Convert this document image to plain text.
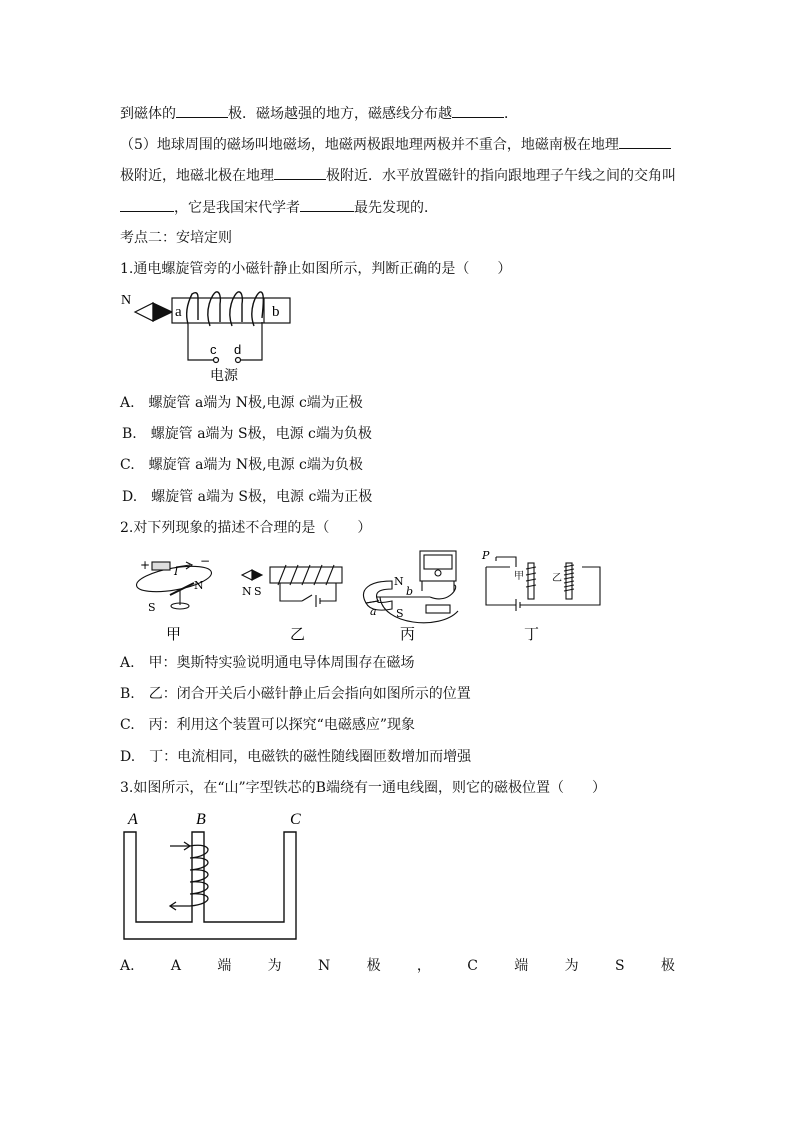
到磁体的	极．磁场越强的地方，磁感线分布越	．
（5）地球周围的磁场叫地磁场，地磁两极跟地理两极并不重合，地磁南极在地理
极附近，地磁北极在地理	极附近．水平放置磁针的指向跟地理子午线之间的交角叫
，它是我国宋代学者	最先发现的．
考点二：安培定则
1.通电螺旋管旁的小磁针静止如图所示，判断正确的是（　　）
N
a	b
c d
电源
A.　螺旋管 a端为 N极,电源 c端为正极
B.　螺旋管 a端为 S极，电源 c端为负极
C.　螺旋管 a端为 N极,电源 c端为负极
D.　螺旋管 a端为 S极，电源 c端为正极
2.对下列现象的描述不合理的是（　　）
+	−
I
N
S
甲
N S
乙
N
S
a
b
丙
P
甲	乙
丁
A.　甲：奥斯特实验说明通电导体周围存在磁场
B.　乙：闭合开关后小磁针静止后会指向如图所示的位置
C.　丙：利用这个装置可以探究“电磁感应”现象
D.　丁：电流相同，电磁铁的磁性随线圈匝数增加而增强
3.如图所示，在“山”字型铁芯的B端绕有一通电线圈，则它的磁极位置（　　）
A	B	C
A.	A	端	为	N	极	，	C	端	为	S	极
